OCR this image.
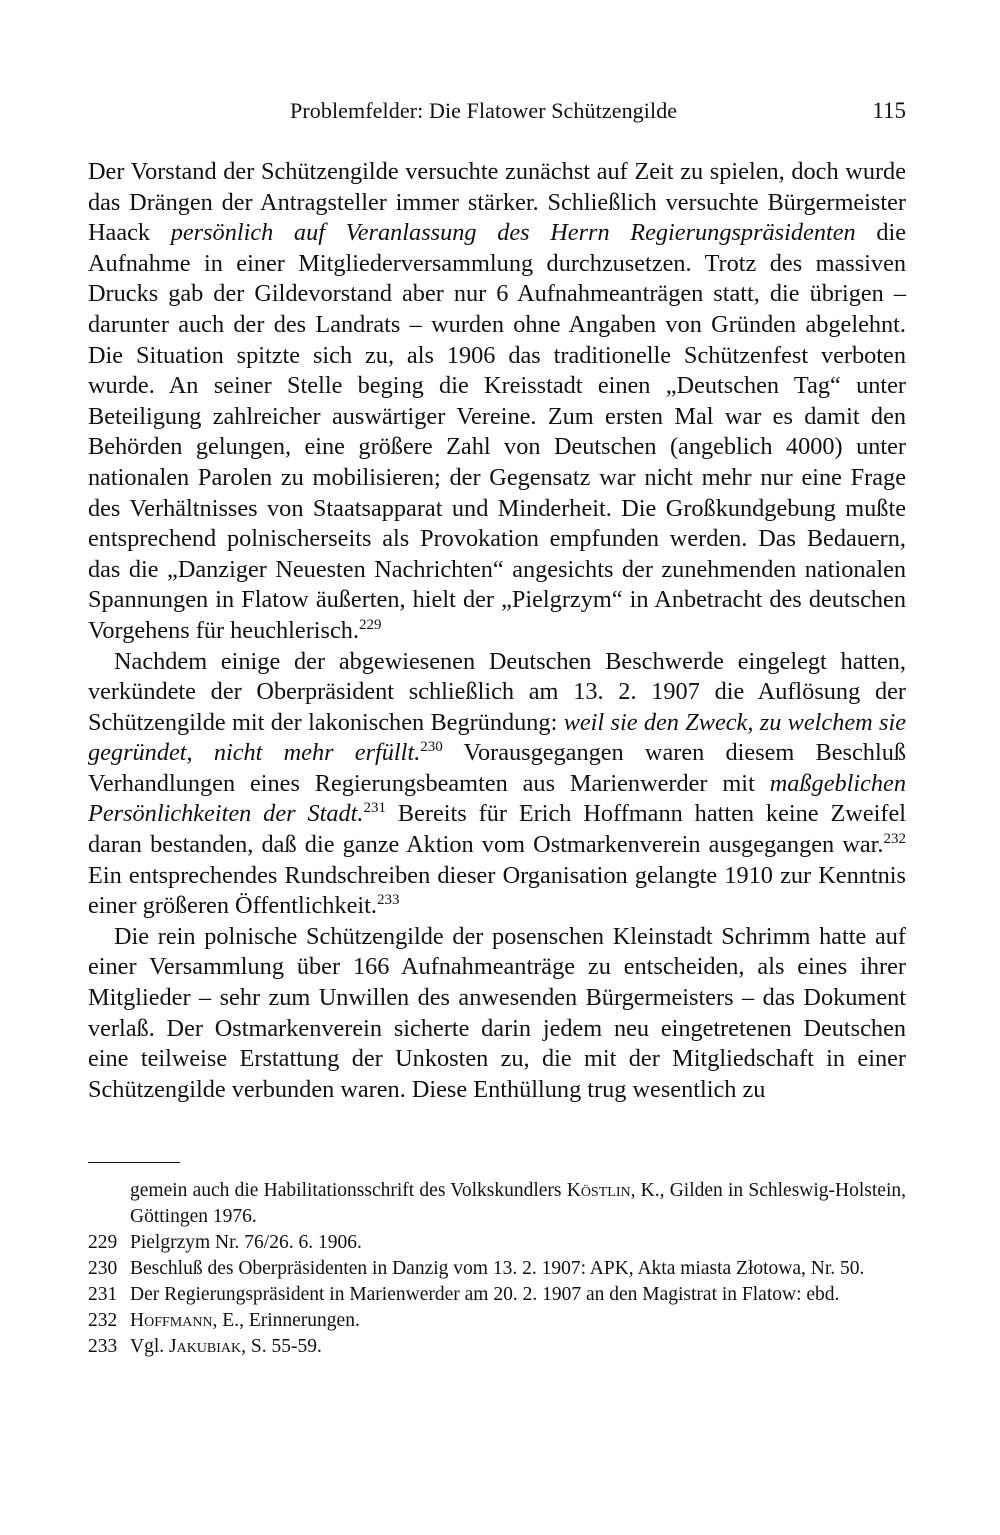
Problemfelder: Die Flatower Schützengilde	115

Der Vorstand der Schützengilde versuchte zunächst auf Zeit zu spielen, doch wurde das Drängen der Antragsteller immer stärker. Schließlich versuchte Bürgermeister Haack persönlich auf Veranlassung des Herrn Regierungspräsidenten die Aufnahme in einer Mitgliederversammlung durchzusetzen. Trotz des massiven Drucks gab der Gildevorstand aber nur 6 Aufnahmeanträgen statt, die übrigen – darunter auch der des Landrats – wurden ohne Angaben von Gründen abgelehnt. Die Situation spitzte sich zu, als 1906 das traditionelle Schützenfest verboten wurde. An seiner Stelle beging die Kreisstadt einen „Deutschen Tag“ unter Beteiligung zahlreicher auswärtiger Vereine. Zum ersten Mal war es damit den Behörden gelungen, eine größere Zahl von Deutschen (angeblich 4000) unter nationalen Parolen zu mobilisieren; der Gegensatz war nicht mehr nur eine Frage des Verhältnisses von Staatsapparat und Minderheit. Die Großkundgebung mußte entsprechend polnischerseits als Provokation empfunden werden. Das Bedauern, das die „Danziger Neuesten Nachrichten“ angesichts der zunehmenden nationalen Spannungen in Flatow äußerten, hielt der „Pielgrzym“ in Anbetracht des deutschen Vorgehens für heuchlerisch.$^{229}$

Nachdem einige der abgewiesenen Deutschen Beschwerde eingelegt hatten, verkündete der Oberpräsident schließlich am 13. 2. 1907 die Auflösung der Schützengilde mit der lakonischen Begründung: weil sie den Zweck, zu welchem sie gegründet, nicht mehr erfüllt.$^{230}$ Vorausgegangen waren diesem Beschluß Verhandlungen eines Regierungsbeamten aus Marienwerder mit maßgeblichen Persönlichkeiten der Stadt.$^{231}$ Bereits für Erich Hoffmann hatten keine Zweifel daran bestanden, daß die ganze Aktion vom Ostmarkenverein ausgegangen war.$^{232}$ Ein entsprechendes Rundschreiben dieser Organisation gelangte 1910 zur Kenntnis einer größeren Öffentlichkeit.$^{233}$

Die rein polnische Schützengilde der posenschen Kleinstadt Schrimm hatte auf einer Versammlung über 166 Aufnahmeanträge zu entscheiden, als eines ihrer Mitglieder – sehr zum Unwillen des anwesenden Bürgermeisters – das Dokument verlaß. Der Ostmarkenverein sicherte darin jedem neu eingetretenen Deutschen eine teilweise Erstattung der Unkosten zu, die mit der Mitgliedschaft in einer Schützengilde verbunden waren. Diese Enthüllung trug wesentlich zu

gemein auch die Habilitationsschrift des Volkskundlers Köstlin, K., Gilden in Schleswig-Holstein, Göttingen 1976.
229 Pielgrzym Nr. 76/26. 6. 1906.
230 Beschluß des Oberpräsidenten in Danzig vom 13. 2. 1907: APK, Akta miasta Złotowa, Nr. 50.
231 Der Regierungspräsident in Marienwerder am 20. 2. 1907 an den Magistrat in Flatow: ebd.
232 Hoffmann, E., Erinnerungen.
233 Vgl. Jakubiak, S. 55-59.
